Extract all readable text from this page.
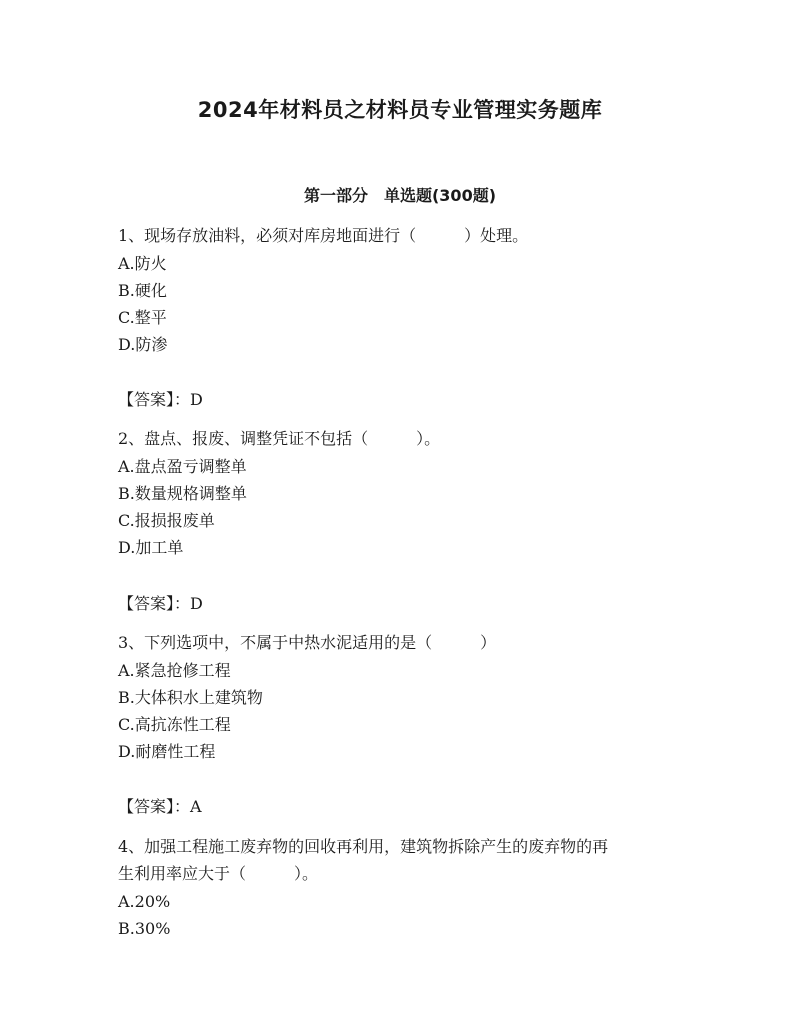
2024年材料员之材料员专业管理实务题库
第一部分　单选题(300题)
1、现场存放油料，必须对库房地面进行（　　　）处理。
A.防火
B.硬化
C.整平
D.防渗
【答案】：D
2、盘点、报废、调整凭证不包括（　　　）。
A.盘点盈亏调整单
B.数量规格调整单
C.报损报废单
D.加工单
【答案】：D
3、下列选项中，不属于中热水泥适用的是（　　　）
A.紧急抢修工程
B.大体积水上建筑物
C.高抗冻性工程
D.耐磨性工程
【答案】：A
4、加强工程施工废弃物的回收再利用，建筑物拆除产生的废弃物的再
生利用率应大于（　　　）。
A.20%
B.30%
